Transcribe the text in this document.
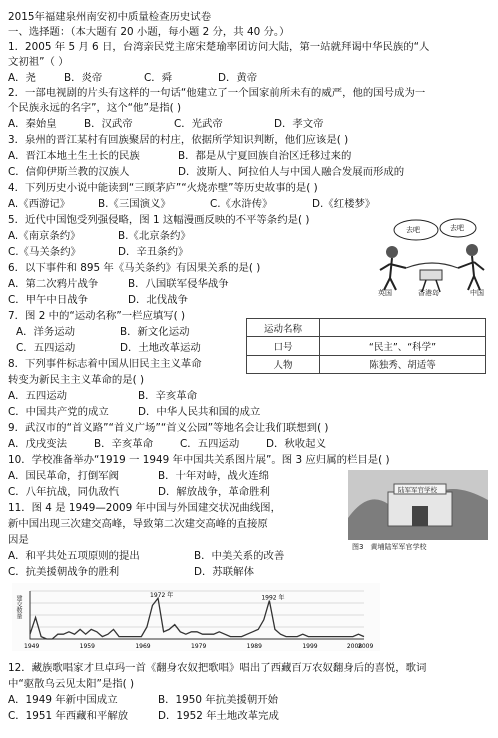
2015年福建泉州南安初中质量检查历史试卷
一、选择题：（本大题有 20 小题，每小题 2 分，共 40 分。）
1．2005 年 5 月 6 日，台湾亲民党主席宋楚瑜率团访问大陆，第一站就拜谒中华民族的“人
文初祖”（ ）
A．尧	B．炎帝	C．舜	D．黄帝
2．一部电视剧的片头有这样的一句话“他建立了一个国家前所未有的威严，他的国号成为一
个民族永远的名字”，这个“他”是指( )
A．秦始皇	B．汉武帝	C．光武帝	D．孝文帝
3．泉州的晋江某村有回族聚居的村庄，依据所学知识判断，他们应该是( )
A．晋江本地土生土长的民族	B．都是从宁夏回族自治区迁移过来的
C．信仰伊斯兰教的汉族人	D．波斯人、阿拉伯人与中国人融合发展而形成的
4．下列历史小说中能读到“三顾茅庐”“火烧赤壁”等历史故事的是( )
A.《西游记》	B.《三国演义》	C.《水浒传》	D.《红楼梦》
5．近代中国饱受列强侵略，图 1 这幅漫画反映的不平等条约是( )
A.《南京条约》	B.《北京条约》
C.《马关条约》	D．辛丑条约》
去吧	去吧
英国	香港岛	中国
6．以下事件和 895 年《马关条约》有因果关系的是( )
A．第二次鸦片战争	B．八国联军侵华战争
C．甲午中日战争	D．北伐战争
7．图 2 中的“运动名称”一栏应填写( )
A．洋务运动	B．新文化运动
C．五四运动	D．土地改革运动
运动名称	
口号	“民主”、“科学”
人物	陈独秀、胡适等
8．下列事件标志着中国从旧民主主义革命
转变为新民主主义革命的是( )
A．五四运动	B．辛亥革命
C．中国共产党的成立	D．中华人民共和国的成立
9．武汉市的“首义路”“首义广场”“首义公园”等地名会让我们联想到( )
A．戊戌变法	B．辛亥革命	C．五四运动	D．秋收起义
10．学校准备举办“1919 一 1949 年中国共关系图片展”。图 3 应归属的栏目是( )
A．国民革命，打倒军阀	B．十年对峙，战火连绵
C．八年抗战，同仇敌忾	D．解放战争，革命胜利	陆军军官学校
图3　黄埔陆军军官学校
11．图 4 是 1949—2009 年中国与外国建交状况曲线图，
新中国出现三次建交高峰，导致第二次建交高峰的直接原
因是
A．和平共处五项原则的提出	B．中美关系的改善
C．抗美援朝战争的胜利	D．苏联解体
1949	1959	1969	1979	1989	1999	2008
2009
1972 年	1992 年
建交数量
12．藏族歌唱家才旦卓玛一首《翻身农奴把歌唱》唱出了西藏百万农奴翻身后的喜悦，歌词
中“驱散乌云见太阳”是指( )
A．1949 年新中国成立	B．1950 年抗美援朝开始
C．1951 年西藏和平解放	D．1952 年土地改革完成
